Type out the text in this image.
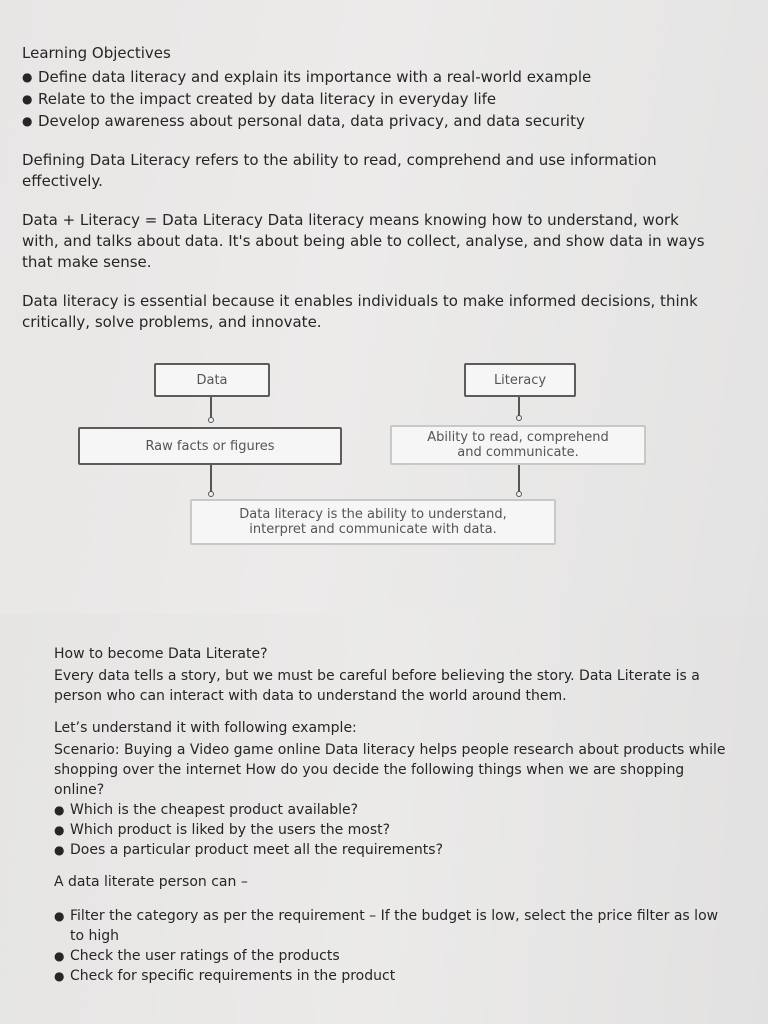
Learning Objectives
● Define data literacy and explain its importance with a real-world example
● Relate to the impact created by data literacy in everyday life
● Develop awareness about personal data, data privacy, and data security

Defining Data Literacy refers to the ability to read, comprehend and use information effectively.

Data + Literacy = Data Literacy Data literacy means knowing how to understand, work with, and talks about data. It's about being able to collect, analyse, and show data in ways that make sense.

Data literacy is essential because it enables individuals to make informed decisions, think critically, solve problems, and innovate.

Data	Literacy
Raw facts or figures
Ability to read, comprehend and communicate.
Data literacy is the ability to understand, interpret and communicate with data.
How to become Data Literate?

Every data tells a story, but we must be careful before believing the story. Data Literate is a person who can interact with data to understand the world around them.

Let’s understand it with following example:

Scenario: Buying a Video game online Data literacy helps people research about products while shopping over the internet How do you decide the following things when we are shopping online?

● Which is the cheapest product available?
● Which product is liked by the users the most?
● Does a particular product meet all the requirements?
A data literate person can –
● Filter the category as per the requirement – If the budget is low, select the price filter as low to high
● Check the user ratings of the products
● Check for specific requirements in the product
